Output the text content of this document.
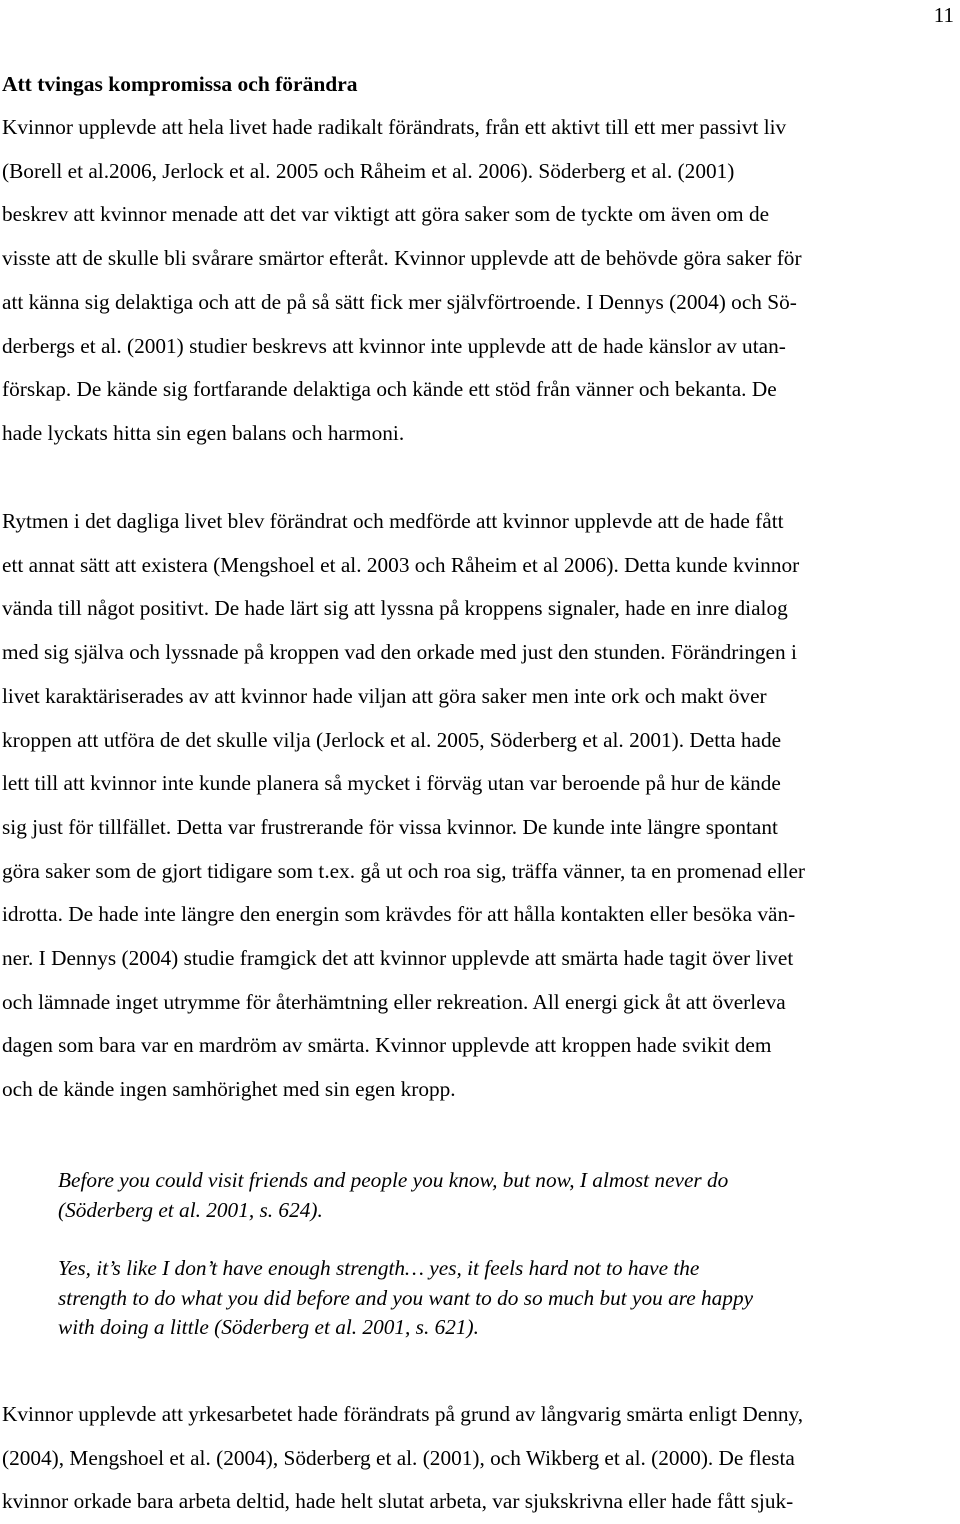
11
Att tvingas kompromissa och förändra

Kvinnor upplevde att hela livet hade radikalt förändrats, från ett aktivt till ett mer passivt liv
(Borell et al.2006, Jerlock et al. 2005 och Råheim et al. 2006). Söderberg et al. (2001)
beskrev att kvinnor menade att det var viktigt att göra saker som de tyckte om även om de
visste att de skulle bli svårare smärtor efteråt. Kvinnor upplevde att de behövde göra saker för
att känna sig delaktiga och att de på så sätt fick mer självförtroende. I Dennys (2004) och Sö-
derbergs et al. (2001) studier beskrevs att kvinnor inte upplevde att de hade känslor av utan-
förskap. De kände sig fortfarande delaktiga och kände ett stöd från vänner och bekanta. De
hade lyckats hitta sin egen balans och harmoni.

Rytmen i det dagliga livet blev förändrat och medförde att kvinnor upplevde att de hade fått
ett annat sätt att existera (Mengshoel et al. 2003 och Råheim et al 2006). Detta kunde kvinnor
vända till något positivt. De hade lärt sig att lyssna på kroppens signaler, hade en inre dialog
med sig själva och lyssnade på kroppen vad den orkade med just den stunden. Förändringen i
livet karaktäriserades av att kvinnor hade viljan att göra saker men inte ork och makt över
kroppen att utföra de det skulle vilja (Jerlock et al. 2005, Söderberg et al. 2001). Detta hade
lett till att kvinnor inte kunde planera så mycket i förväg utan var beroende på hur de kände
sig just för tillfället. Detta var frustrerande för vissa kvinnor. De kunde inte längre spontant
göra saker som de gjort tidigare som t.ex. gå ut och roa sig, träffa vänner, ta en promenad eller
idrotta. De hade inte längre den energin som krävdes för att hålla kontakten eller besöka vän-
ner. I Dennys (2004) studie framgick det att kvinnor upplevde att smärta hade tagit över livet
och lämnade inget utrymme för återhämtning eller rekreation. All energi gick åt att överleva
dagen som bara var en mardröm av smärta. Kvinnor upplevde att kroppen hade svikit dem
och de kände ingen samhörighet med sin egen kropp.

Before you could visit friends and people you know, but now, I almost never do
(Söderberg et al. 2001, s. 624).

Yes, it’s like I don’t have enough strength… yes, it feels hard not to have the
strength to do what you did before and you want to do so much but you are happy
with doing a little (Söderberg et al. 2001, s. 621).

Kvinnor upplevde att yrkesarbetet hade förändrats på grund av långvarig smärta enligt Denny,
(2004), Mengshoel et al. (2004), Söderberg et al. (2001), och Wikberg et al. (2000). De flesta
kvinnor orkade bara arbeta deltid, hade helt slutat arbeta, var sjukskrivna eller hade fått sjuk-
